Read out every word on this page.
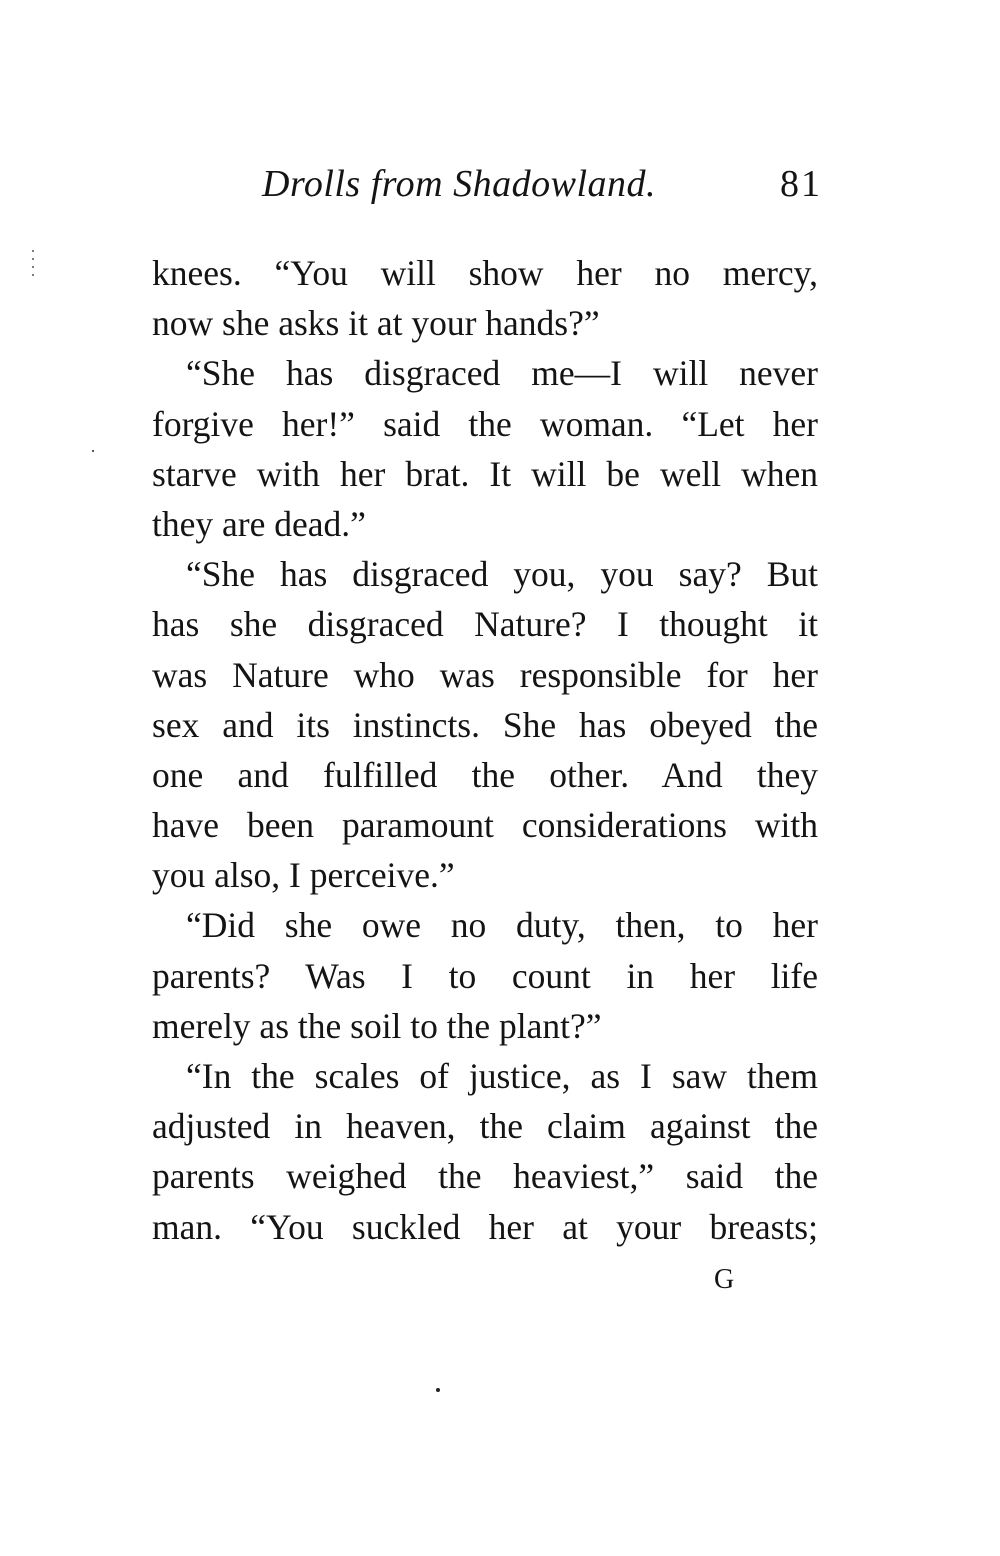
Drolls from Shadowland.	81
knees. “You will show her no mercy,
now she asks it at your hands?”
“She has disgraced me—I will never
forgive her!” said the woman. “Let her
starve with her brat. It will be well when
they are dead.”
“She has disgraced you, you say? But
has she disgraced Nature? I thought it
was Nature who was responsible for her
sex and its instincts. She has obeyed the
one and fulfilled the other. And they
have been paramount considerations with
you also, I perceive.”
“Did she owe no duty, then, to her
parents? Was I to count in her life
merely as the soil to the plant?”
“In the scales of justice, as I saw them
adjusted in heaven, the claim against the
parents weighed the heaviest,” said the
man. “You suckled her at your breasts;
G
